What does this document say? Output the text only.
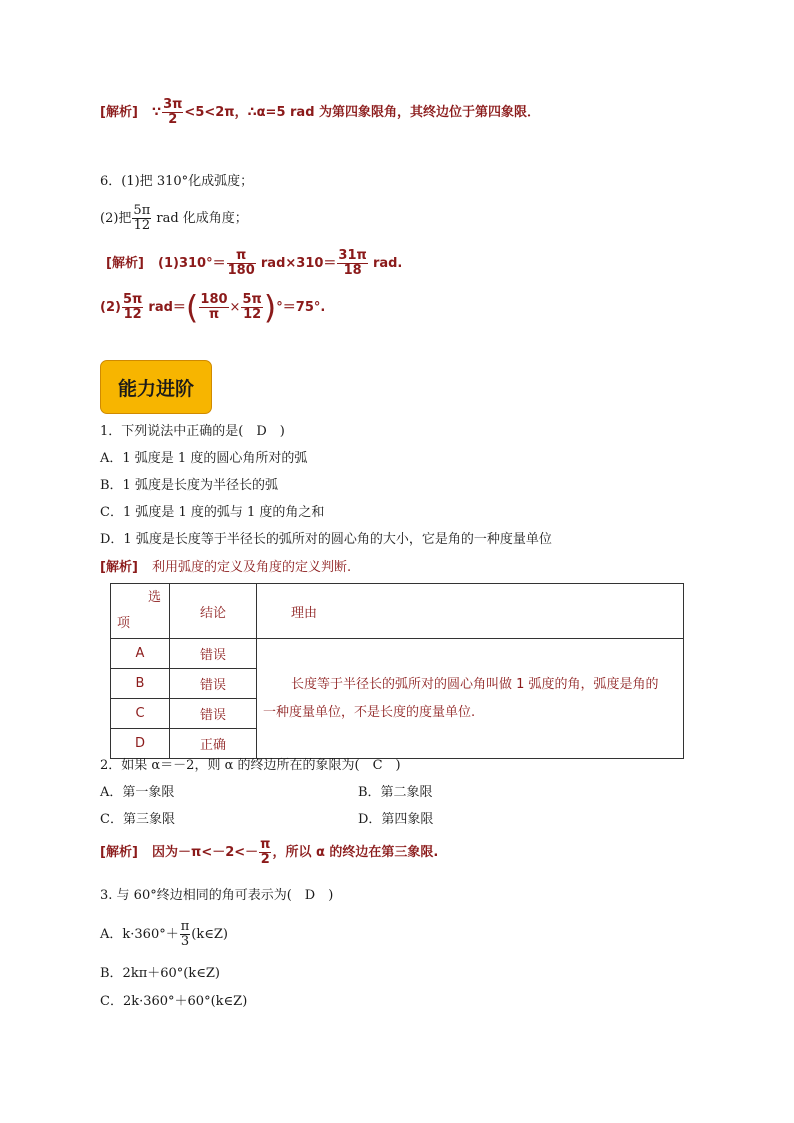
[解析] ∵ $\frac{3\pi}{2} <5<2\pi$，∴α=5 rad 为第四象限角，其终边位于第四象限．
6．(1)把 310°化成弧度；
(2)把 $\frac{5\pi}{12}$ rad 化成角度；
[解析] $(1)310^\circ= \frac{\pi}{180} rad\times 310= \frac{31\pi}{18}$ rad.
$(2) \frac{5\pi}{12} rad=( \frac{180}{\pi} \times \frac{5\pi}{12} )^\circ=75^\circ$.
能力进阶
1．下列说法中正确的是(　D　)
A．1 弧度是 1 度的圆心角所对的弧
B．1 弧度是长度为半径长的弧
C．1 弧度是 1 度的弧与 1 度的角之和
D．1 弧度是长度等于半径长的弧所对的圆心角的大小，它是角的一种度量单位
[解析] 利用弧度的定义及角度的定义判断.
选
项	结论	理由
A	错误	长度等于半径长的弧所对的圆心角叫做 1 弧度的角，弧度是角的
一种度量单位，不是长度的度量单位.

B	错误	
C	错误	
D	正确	
2．如果 α＝－2，则 α 的终边所在的象限为(　C　)
A．第一象限	B．第二象限
C．第三象限	D．第四象限
[解析] 因为$-\pi<-2<- \frac{\pi}{2}$ ，所以 α 的终边在第三象限.
3. 与 60°终边相同的角可表示为(　D　)
A．$k\cdot 360^\circ+ \frac{\pi}{3}$ (k∈Z)
B．2kπ＋60°(k∈Z)
C．2k·360°＋60°(k∈Z)
